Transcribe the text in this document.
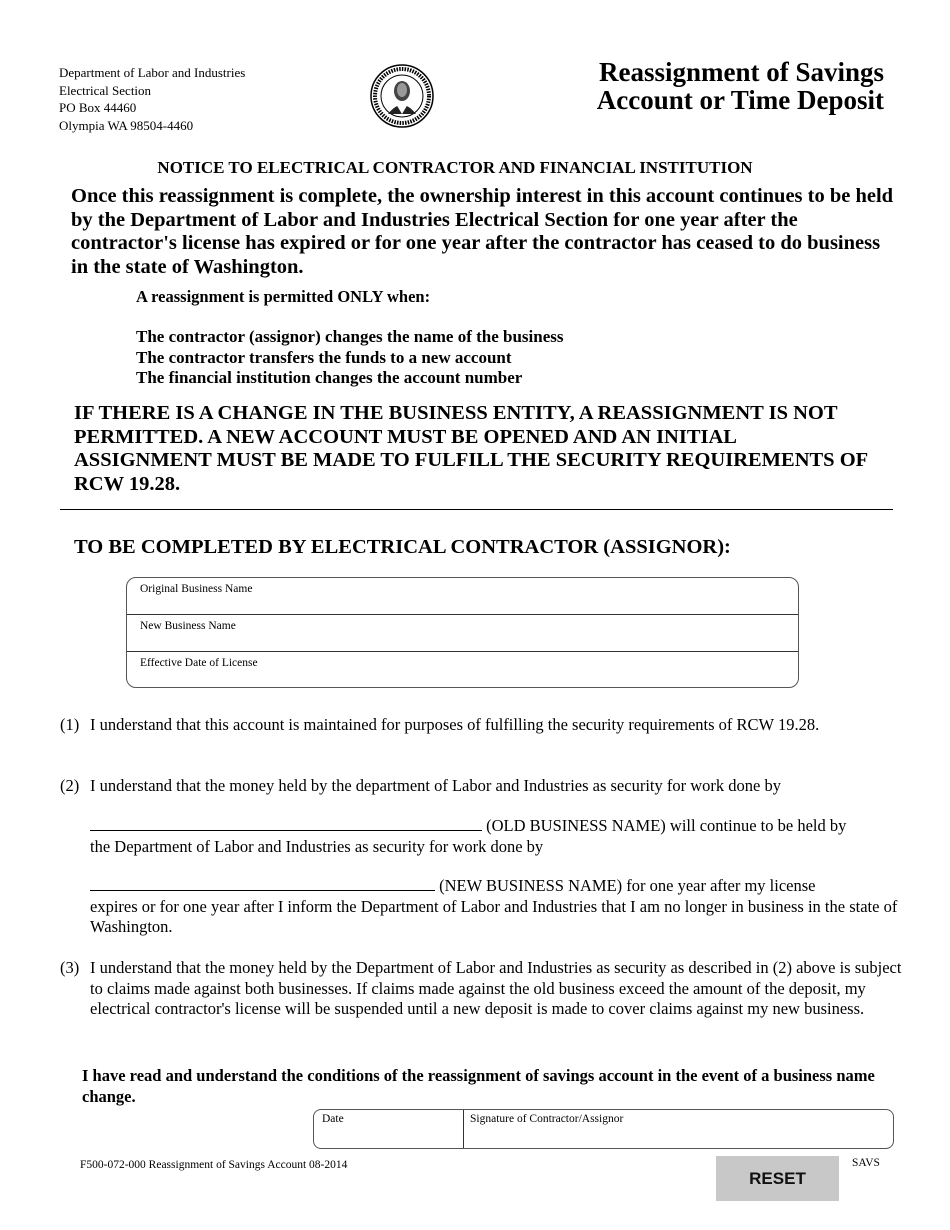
Department of Labor and Industries
Electrical Section
PO Box 44460
Olympia WA 98504-4460
Reassignment of Savings
Account or Time Deposit
NOTICE TO ELECTRICAL CONTRACTOR AND FINANCIAL INSTITUTION
Once this reassignment is complete, the ownership interest in this account continues to be held by the Department of Labor and Industries Electrical Section for one year after the contractor's license has expired or for one year after the contractor has ceased to do business in the state of Washington.
A reassignment is permitted ONLY when:
The contractor (assignor) changes the name of the business
The contractor transfers the funds to a new account
The financial institution changes the account number
IF THERE IS A CHANGE IN THE BUSINESS ENTITY, A REASSIGNMENT IS NOT PERMITTED. A NEW ACCOUNT MUST BE OPENED AND AN INITIAL ASSIGNMENT MUST BE MADE TO FULFILL THE SECURITY REQUIREMENTS OF RCW 19.28.
TO BE COMPLETED BY ELECTRICAL CONTRACTOR (ASSIGNOR):
Original Business Name
New Business Name
Effective Date of License
(1) I understand that this account is maintained for purposes of fulfilling the security requirements of RCW 19.28.
(2) I understand that the money held by the department of Labor and Industries as security for work done by
(OLD BUSINESS NAME) will continue to be held by
the Department of Labor and Industries as security for work done by
(NEW BUSINESS NAME) for one year after my license
expires or for one year after I inform the Department of Labor and Industries that I am no longer in business in the state of Washington.
(3) I understand that the money held by the Department of Labor and Industries as security as described in (2) above is subject to claims made against both businesses. If claims made against the old business exceed the amount of the deposit, my electrical contractor's license will be suspended until a new deposit is made to cover claims against my new business.
I have read and understand the conditions of the reassignment of savings account in the event of a business name change.
Date	Signature of Contractor/Assignor
F500-072-000 Reassignment of Savings Account 08-2014
RESET
SAVS
